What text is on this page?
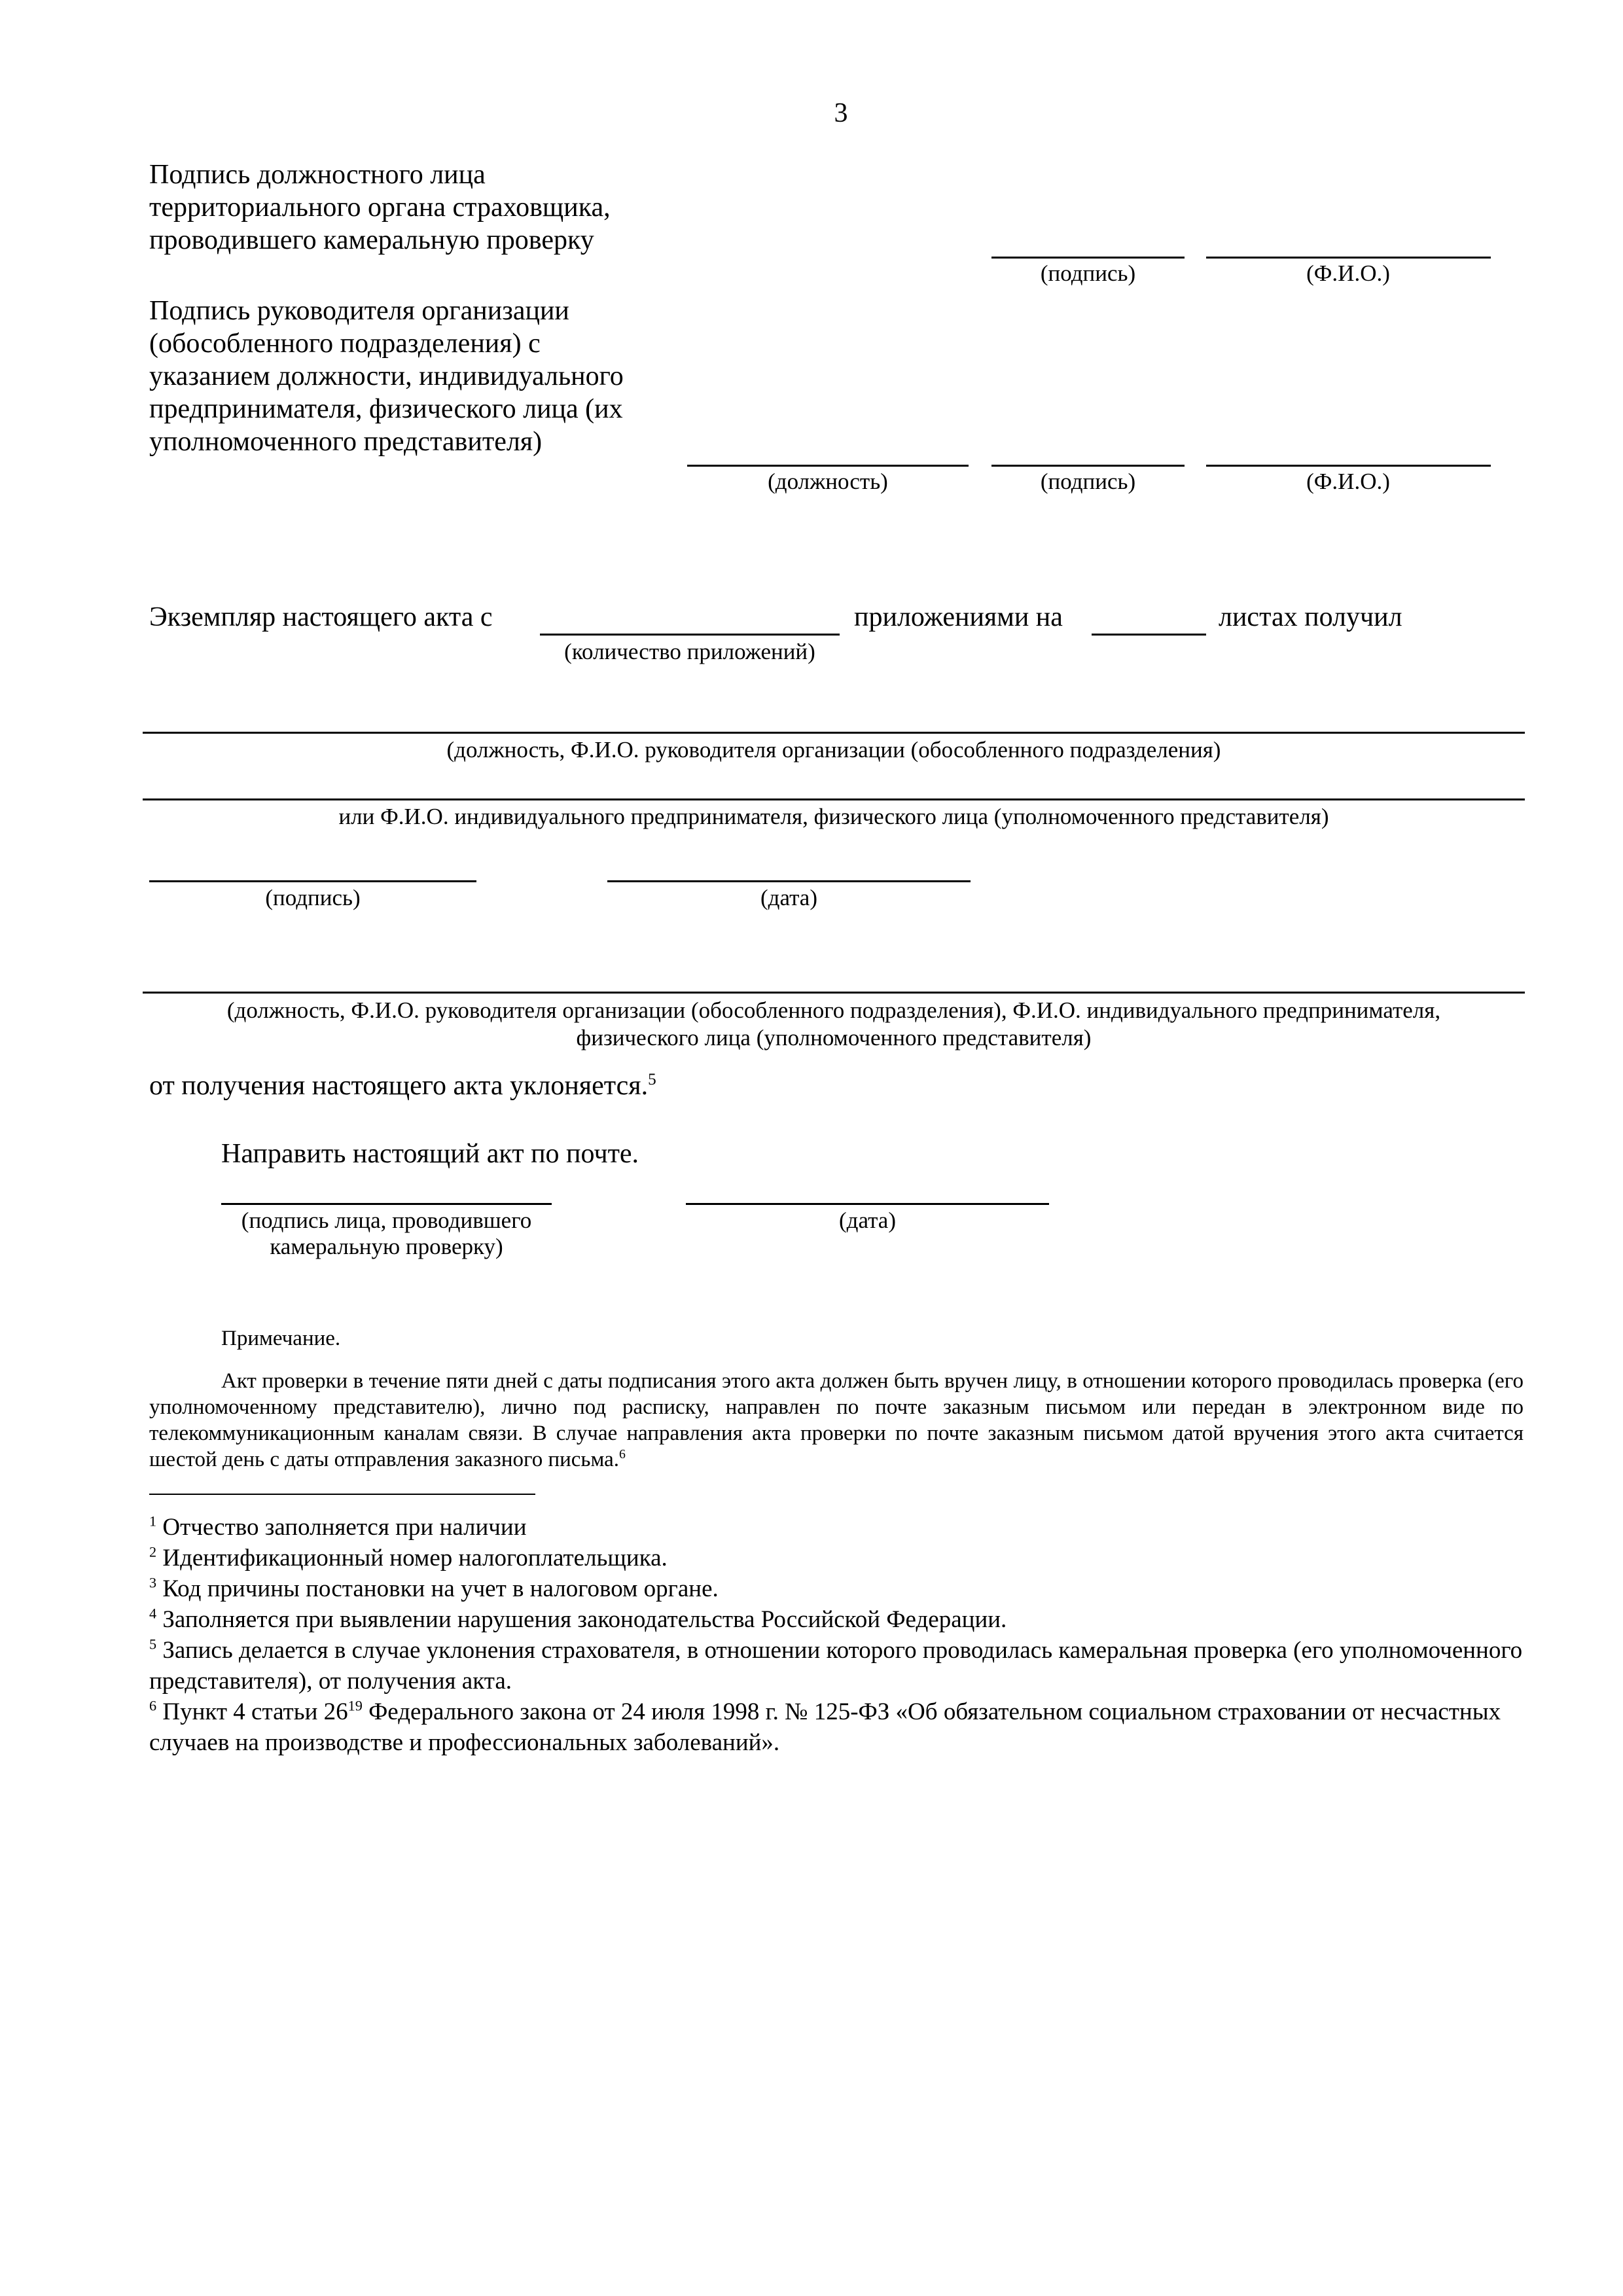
3
Подпись должностного лица
территориального органа страховщика,
проводившего камеральную проверку
(подпись)	(Ф.И.О.)
Подпись руководителя организации
(обособленного подразделения) с
указанием должности, индивидуального
предпринимателя, физического лица (их
уполномоченного представителя)
(должность)	(подпись)	(Ф.И.О.)
Экземпляр настоящего акта с	приложениями на	листах получил
(количество приложений)
(должность, Ф.И.О. руководителя организации (обособленного подразделения)
или Ф.И.О. индивидуального предпринимателя, физического лица (уполномоченного представителя)
(подпись)	(дата)
(должность, Ф.И.О. руководителя организации (обособленного подразделения), Ф.И.О. индивидуального предпринимателя,
физического лица (уполномоченного представителя)
от получения настоящего акта уклоняется.$^5$
Направить настоящий акт по почте.
(подпись лица, проводившего
камеральную проверку)
(дата)
Примечание.
Акт проверки в течение пяти дней с даты подписания этого акта должен быть вручен лицу, в отношении которого проводилась проверка (его уполномоченному представителю), лично под расписку, направлен по почте заказным письмом или передан в электронном виде по телекоммуникационным каналам связи. В случае направления акта проверки по почте заказным письмом датой вручения этого акта считается шестой день с даты отправления заказного письма.$^6$
$^1$ Отчество заполняется при наличии
$^2$ Идентификационный номер налогоплательщика.
$^3$ Код причины постановки на учет в налоговом органе.
$^4$ Заполняется при выявлении нарушения законодательства Российской Федерации.
$^5$ Запись делается в случае уклонения страхователя, в отношении которого проводилась камеральная проверка (его уполномоченного представителя), от получения акта.
$^6$ Пункт 4 статьи $26^{19}$ Федерального закона от 24 июля 1998 г. № 125-ФЗ «Об обязательном социальном страховании от несчастных случаев на производстве и профессиональных заболеваний».
